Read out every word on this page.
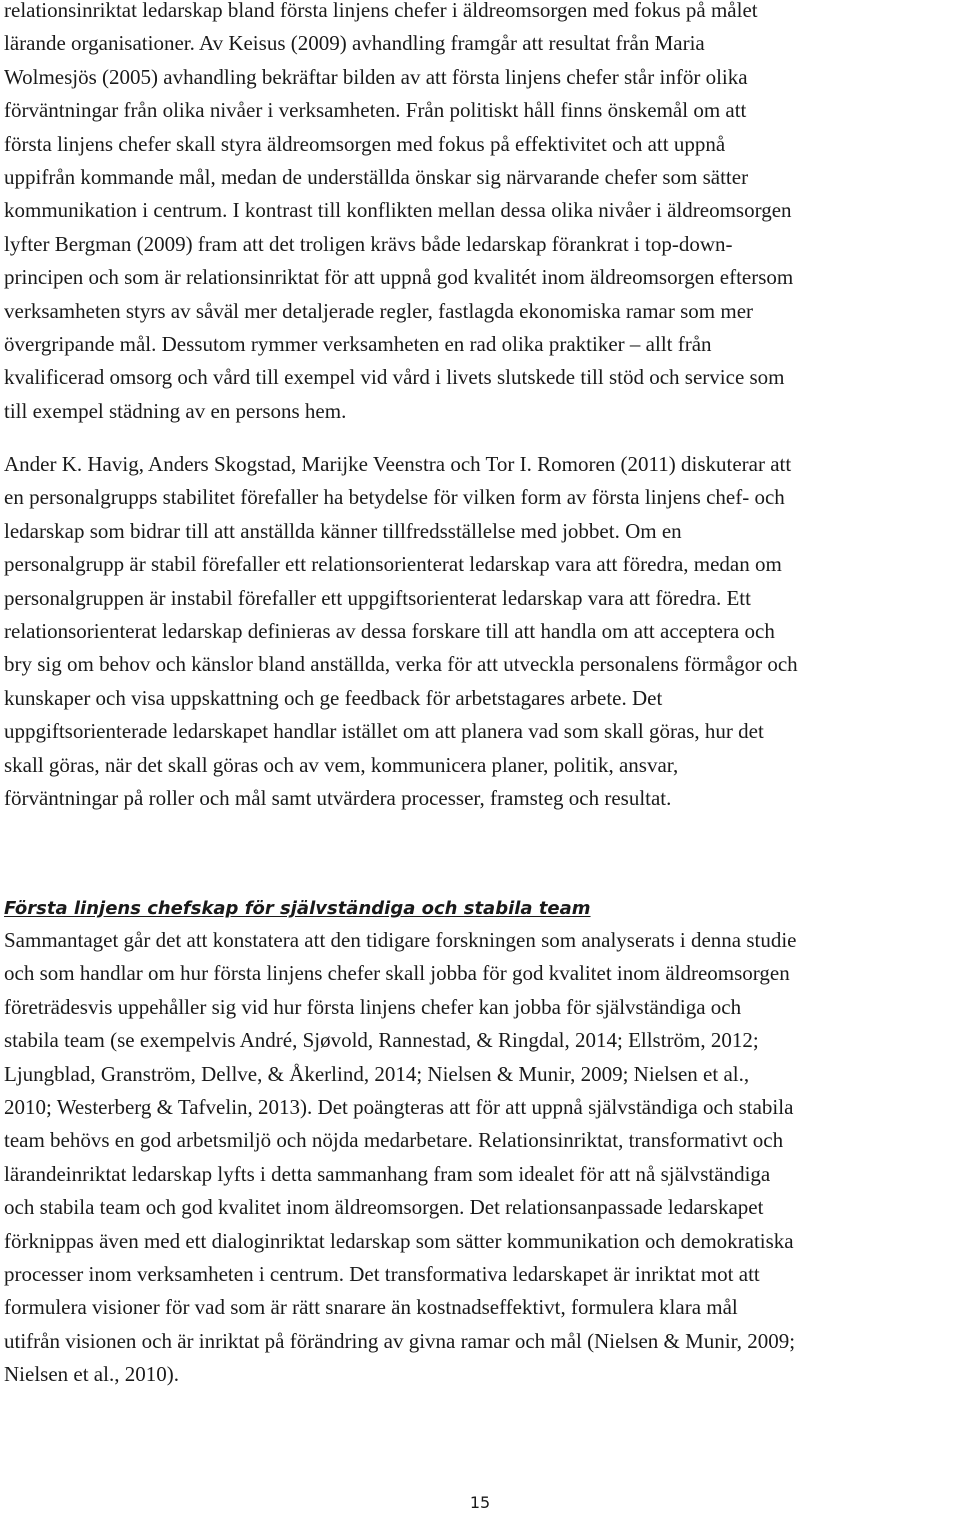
relationsinriktat ledarskap bland första linjens chefer i äldreomsorgen med fokus på målet
lärande organisationer. Av Keisus (2009) avhandling framgår att resultat från Maria
Wolmesjös (2005) avhandling bekräftar bilden av att första linjens chefer står inför olika
förväntningar från olika nivåer i verksamheten. Från politiskt håll finns önskemål om att
första linjens chefer skall styra äldreomsorgen med fokus på effektivitet och att uppnå
uppifrån kommande mål, medan de underställda önskar sig närvarande chefer som sätter
kommunikation i centrum. I kontrast till konflikten mellan dessa olika nivåer i äldreomsorgen
lyfter Bergman (2009) fram att det troligen krävs både ledarskap förankrat i top-down-
principen och som är relationsinriktat för att uppnå god kvalitét inom äldreomsorgen eftersom
verksamheten styrs av såväl mer detaljerade regler, fastlagda ekonomiska ramar som mer
övergripande mål. Dessutom rymmer verksamheten en rad olika praktiker – allt från
kvalificerad omsorg och vård till exempel vid vård i livets slutskede till stöd och service som
till exempel städning av en persons hem.
Ander K. Havig, Anders Skogstad, Marijke Veenstra och Tor I. Romoren (2011) diskuterar att
en personalgrupps stabilitet förefaller ha betydelse för vilken form av första linjens chef- och
ledarskap som bidrar till att anställda känner tillfredsställelse med jobbet. Om en
personalgrupp är stabil förefaller ett relationsorienterat ledarskap vara att föredra, medan om
personalgruppen är instabil förefaller ett uppgiftsorienterat ledarskap vara att föredra. Ett
relationsorienterat ledarskap definieras av dessa forskare till att handla om att acceptera och
bry sig om behov och känslor bland anställda, verka för att utveckla personalens förmågor och
kunskaper och visa uppskattning och ge feedback för arbetstagares arbete. Det
uppgiftsorienterade ledarskapet handlar istället om att planera vad som skall göras, hur det
skall göras, när det skall göras och av vem, kommunicera planer, politik, ansvar,
förväntningar på roller och mål samt utvärdera processer, framsteg och resultat.
Första linjens chefskap för självständiga och stabila team
Sammantaget går det att konstatera att den tidigare forskningen som analyserats i denna studie
och som handlar om hur första linjens chefer skall jobba för god kvalitet inom äldreomsorgen
företrädesvis uppehåller sig vid hur första linjens chefer kan jobba för självständiga och
stabila team (se exempelvis André, Sjøvold, Rannestad, & Ringdal, 2014; Ellström, 2012;
Ljungblad, Granström, Dellve, & Åkerlind, 2014; Nielsen & Munir, 2009; Nielsen et al.,
2010; Westerberg & Tafvelin, 2013). Det poängteras att för att uppnå självständiga och stabila
team behövs en god arbetsmiljö och nöjda medarbetare. Relationsinriktat, transformativt och
lärandeinriktat ledarskap lyfts i detta sammanhang fram som idealet för att nå självständiga
och stabila team och god kvalitet inom äldreomsorgen. Det relationsanpassade ledarskapet
förknippas även med ett dialoginriktat ledarskap som sätter kommunikation och demokratiska
processer inom verksamheten i centrum. Det transformativa ledarskapet är inriktat mot att
formulera visioner för vad som är rätt snarare än kostnadseffektivt, formulera klara mål
utifrån visionen och är inriktat på förändring av givna ramar och mål (Nielsen & Munir, 2009;
Nielsen et al., 2010).
15
